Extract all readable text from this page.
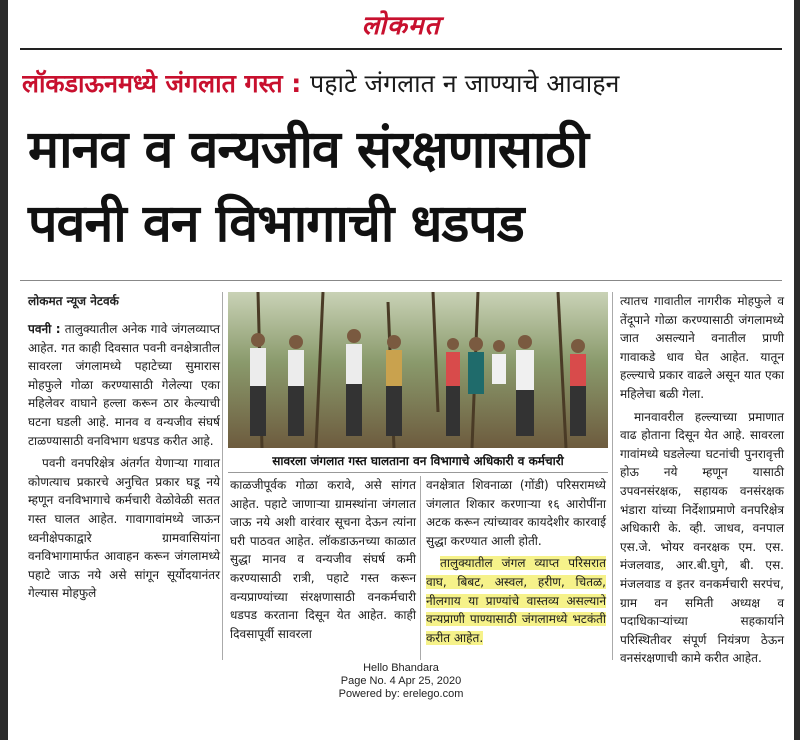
लोकमत
लॉकडाऊनमध्ये जंगलात गस्त : पहाटे जंगलात न जाण्याचे आवाहन
मानव व वन्यजीव संरक्षणासाठी
पवनी वन विभागाची धडपड
लोकमत न्यूज नेटवर्क

पवनी : तालुक्यातील अनेक गावे जंगलव्याप्त आहेत. गत काही दिवसात पवनी वनक्षेत्रातील सावरला जंगलामध्ये पहाटेच्या सुमारास मोहफुले गोळा करण्यासाठी गेलेल्या एका महिलेवर वाघाने हल्ला करून ठार केल्याची घटना घडली आहे. मानव व वन्यजीव संघर्ष टाळण्यासाठी वनविभाग धडपड करीत आहे.

पवनी वनपरिक्षेत्र अंतर्गत येणाऱ्या गावात कोणत्याच प्रकारचे अनुचित प्रकार घडू नये म्हणून वनविभागाचे कर्मचारी वेळोवेळी सतत गस्त घालत आहेत. गावागावांमध्ये जाऊन ध्वनीक्षेपकाद्वारे ग्रामवासियांना वनविभागामार्फत आवाहन करून जंगलामध्ये पहाटे जाऊ नये असे सांगून सूर्योदयानंतर गेल्यास मोहफुले

सावरला जंगलात गस्त घालताना वन विभागाचे अधिकारी व कर्मचारी

काळजीपूर्वक गोळा करावे, असे सांगत आहेत. पहाटे जाणाऱ्या ग्रामस्थांना जंगलात जाऊ नये अशी वारंवार सूचना देऊन त्यांना घरी पाठवत आहेत. लॉकडाऊनच्या काळात सुद्धा मानव व वन्यजीव संघर्ष कमी करण्यासाठी रात्री, पहाटे गस्त करून वन्यप्राण्यांच्या संरक्षणासाठी वनकर्मचारी धडपड करताना दिसून येत आहेत. काही दिवसापूर्वी सावरला

वनक्षेत्रात शिवनाळा (गोंडी) परिसरामध्ये जंगलात शिकार करणाऱ्या १६ आरोपींना अटक करून त्यांच्यावर कायदेशीर कारवाई सुद्धा करण्यात आली होती.

तालुक्यातील जंगल व्याप्त परिसरात वाघ, बिबट, अस्वल, हरीण, चितळ, नीलगाय या प्राण्यांचे वास्तव्य असल्याने वन्यप्राणी पाण्यासाठी जंगलामध्ये भटकंती करीत आहेत.

त्यातच गावातील नागरीक मोहफुले व तेंदूपाने गोळा करण्यासाठी जंगलामध्ये जात असल्याने वनातील प्राणी गावाकडे धाव घेत आहेत. यातून हल्ल्याचे प्रकार वाढले असून यात एका महिलेचा बळी गेला.

मानवावरील हल्ल्याच्या प्रमाणात वाढ होताना दिसून येत आहे. सावरला गावांमध्ये घडलेल्या घटनांची पुनरावृत्ती होऊ नये म्हणून यासाठी उपवनसंरक्षक, सहायक वनसंरक्षक भंडारा यांच्या निर्देशाप्रमाणे वनपरिक्षेत्र अधिकारी के. व्ही. जाधव, वनपाल एस.जे. भोयर वनरक्षक एम. एस. मंजलवाड, आर.बी.घुगे, बी. एस. मंजलवाड व इतर वनकर्मचारी सरपंच, ग्राम वन समिती अध्यक्ष व पदाधिकाऱ्यांच्या सहकार्याने परिस्थितीवर संपूर्ण नियंत्रण ठेऊन वनसंरक्षणाची कामे करीत आहेत.

Hello Bhandara
Page No. 4 Apr 25, 2020
Powered by: erelego.com
